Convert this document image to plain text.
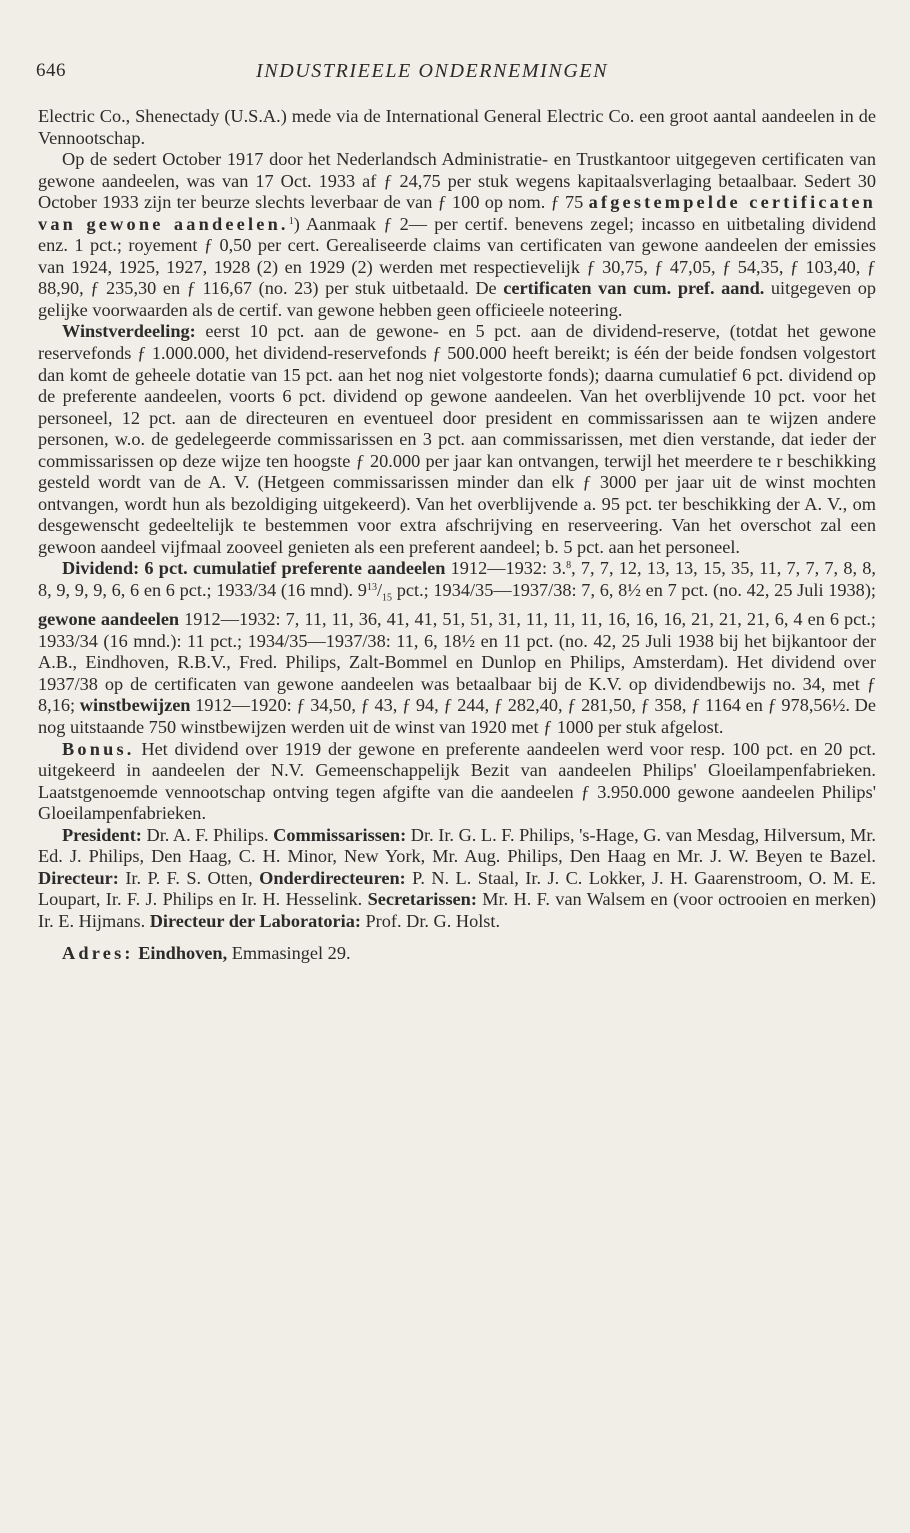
646	INDUSTRIEELE ONDERNEMINGEN

Electric Co., Shenectady (U.S.A.) mede via de International General Electric Co. een groot aantal aandeelen in de Vennootschap.

Op de sedert October 1917 door het Nederlandsch Administratie- en Trustkantoor uitgegeven certificaten van gewone aandeelen, was van 17 Oct. 1933 af ƒ 24,75 per stuk wegens kapitaalsverlaging betaalbaar. Sedert 30 October 1933 zijn ter beurze slechts leverbaar de van ƒ 100 op nom. ƒ 75 afgestempelde certificaten van gewone aandeelen.$^1$) Aanmaak ƒ 2— per certif. benevens zegel; incasso en uitbetaling dividend enz. 1 pct.; royement ƒ 0,50 per cert. Gerealiseerde claims van certificaten van gewone aandeelen der emissies van 1924, 1925, 1927, 1928 (2) en 1929 (2) werden met respectievelijk ƒ 30,75, ƒ 47,05, ƒ 54,35, ƒ 103,40, ƒ 88,90, ƒ 235,30 en ƒ 116,67 (no. 23) per stuk uitbetaald. De certificaten van cum. pref. aand. uitgegeven op gelijke voorwaarden als de certif. van gewone hebben geen officieele noteering.

Winstverdeeling: eerst 10 pct. aan de gewone- en 5 pct. aan de dividend-reserve, (totdat het gewone reservefonds ƒ 1.000.000, het dividend-reservefonds ƒ 500.000 heeft bereikt; is één der beide fondsen volgestort dan komt de geheele dotatie van 15 pct. aan het nog niet volgestorte fonds); daarna cumulatief 6 pct. dividend op de preferente aandeelen, voorts 6 pct. dividend op gewone aandeelen. Van het overblijvende 10 pct. voor het personeel, 12 pct. aan de directeuren en eventueel door president en commissarissen aan te wijzen andere personen, w.o. de gedelegeerde commissarissen en 3 pct. aan commissarissen, met dien verstande, dat ieder der commissarissen op deze wijze ten hoogste ƒ 20.000 per jaar kan ontvangen, terwijl het meerdere te r beschikking gesteld wordt van de A. V. (Hetgeen commissarissen minder dan elk ƒ 3000 per jaar uit de winst mochten ontvangen, wordt hun als bezoldiging uitgekeerd). Van het overblijvende a. 95 pct. ter beschikking der A. V., om desgewenscht gedeeltelijk te bestemmen voor extra afschrijving en reserveering. Van het overschot zal een gewoon aandeel vijfmaal zooveel genieten als een preferent aandeel; b. 5 pct. aan het personeel.

Dividend: 6 pct. cumulatief preferente aandeelen 1912—1932: 3.$^8$, 7, 7, 12, 13, 13, 15, 35, 11, 7, 7, 7, 8, 8, 8, 9, 9, 9, 6, 6 en 6 pct.; 1933/34 (16 mnd). $9^{13}/_{15}$ pct.; 1934/35—1937/38: 7, 6, 8½ en 7 pct. (no. 42, 25 Juli 1938); gewone aandeelen 1912—1932: 7, 11, 11, 36, 41, 41, 51, 51, 31, 11, 11, 11, 16, 16, 16, 21, 21, 21, 6, 4 en 6 pct.; 1933/34 (16 mnd.): 11 pct.; 1934/35—1937/38: 11, 6, 18½ en 11 pct. (no. 42, 25 Juli 1938 bij het bijkantoor der A.B., Eindhoven, R.B.V., Fred. Philips, Zalt-Bommel en Dunlop en Philips, Amsterdam). Het dividend over 1937/38 op de certificaten van gewone aandeelen was betaalbaar bij de K.V. op dividendbewijs no. 34, met ƒ 8,16; winstbewijzen 1912—1920: ƒ 34,50, ƒ 43, ƒ 94, ƒ 244, ƒ 282,40, ƒ 281,50, ƒ 358, ƒ 1164 en ƒ 978,56½. De nog uitstaande 750 winstbewijzen werden uit de winst van 1920 met ƒ 1000 per stuk afgelost.

Bonus. Het dividend over 1919 der gewone en preferente aandeelen werd voor resp. 100 pct. en 20 pct. uitgekeerd in aandeelen der N.V. Gemeenschappelijk Bezit van aandeelen Philips' Gloeilampenfabrieken. Laatstgenoemde vennootschap ontving tegen afgifte van die aandeelen ƒ 3.950.000 gewone aandeelen Philips' Gloeilampenfabrieken.

President: Dr. A. F. Philips. Commissarissen: Dr. Ir. G. L. F. Philips, 's-Hage, G. van Mesdag, Hilversum, Mr. Ed. J. Philips, Den Haag, C. H. Minor, New York, Mr. Aug. Philips, Den Haag en Mr. J. W. Beyen te Bazel. Directeur: Ir. P. F. S. Otten, Onderdirecteuren: P. N. L. Staal, Ir. J. C. Lokker, J. H. Gaarenstroom, O. M. E. Loupart, Ir. F. J. Philips en Ir. H. Hesselink. Secretarissen: Mr. H. F. van Walsem en (voor octrooien en merken) Ir. E. Hijmans. Directeur der Laboratoria: Prof. Dr. G. Holst.

Adres: Eindhoven, Emmasingel 29.
